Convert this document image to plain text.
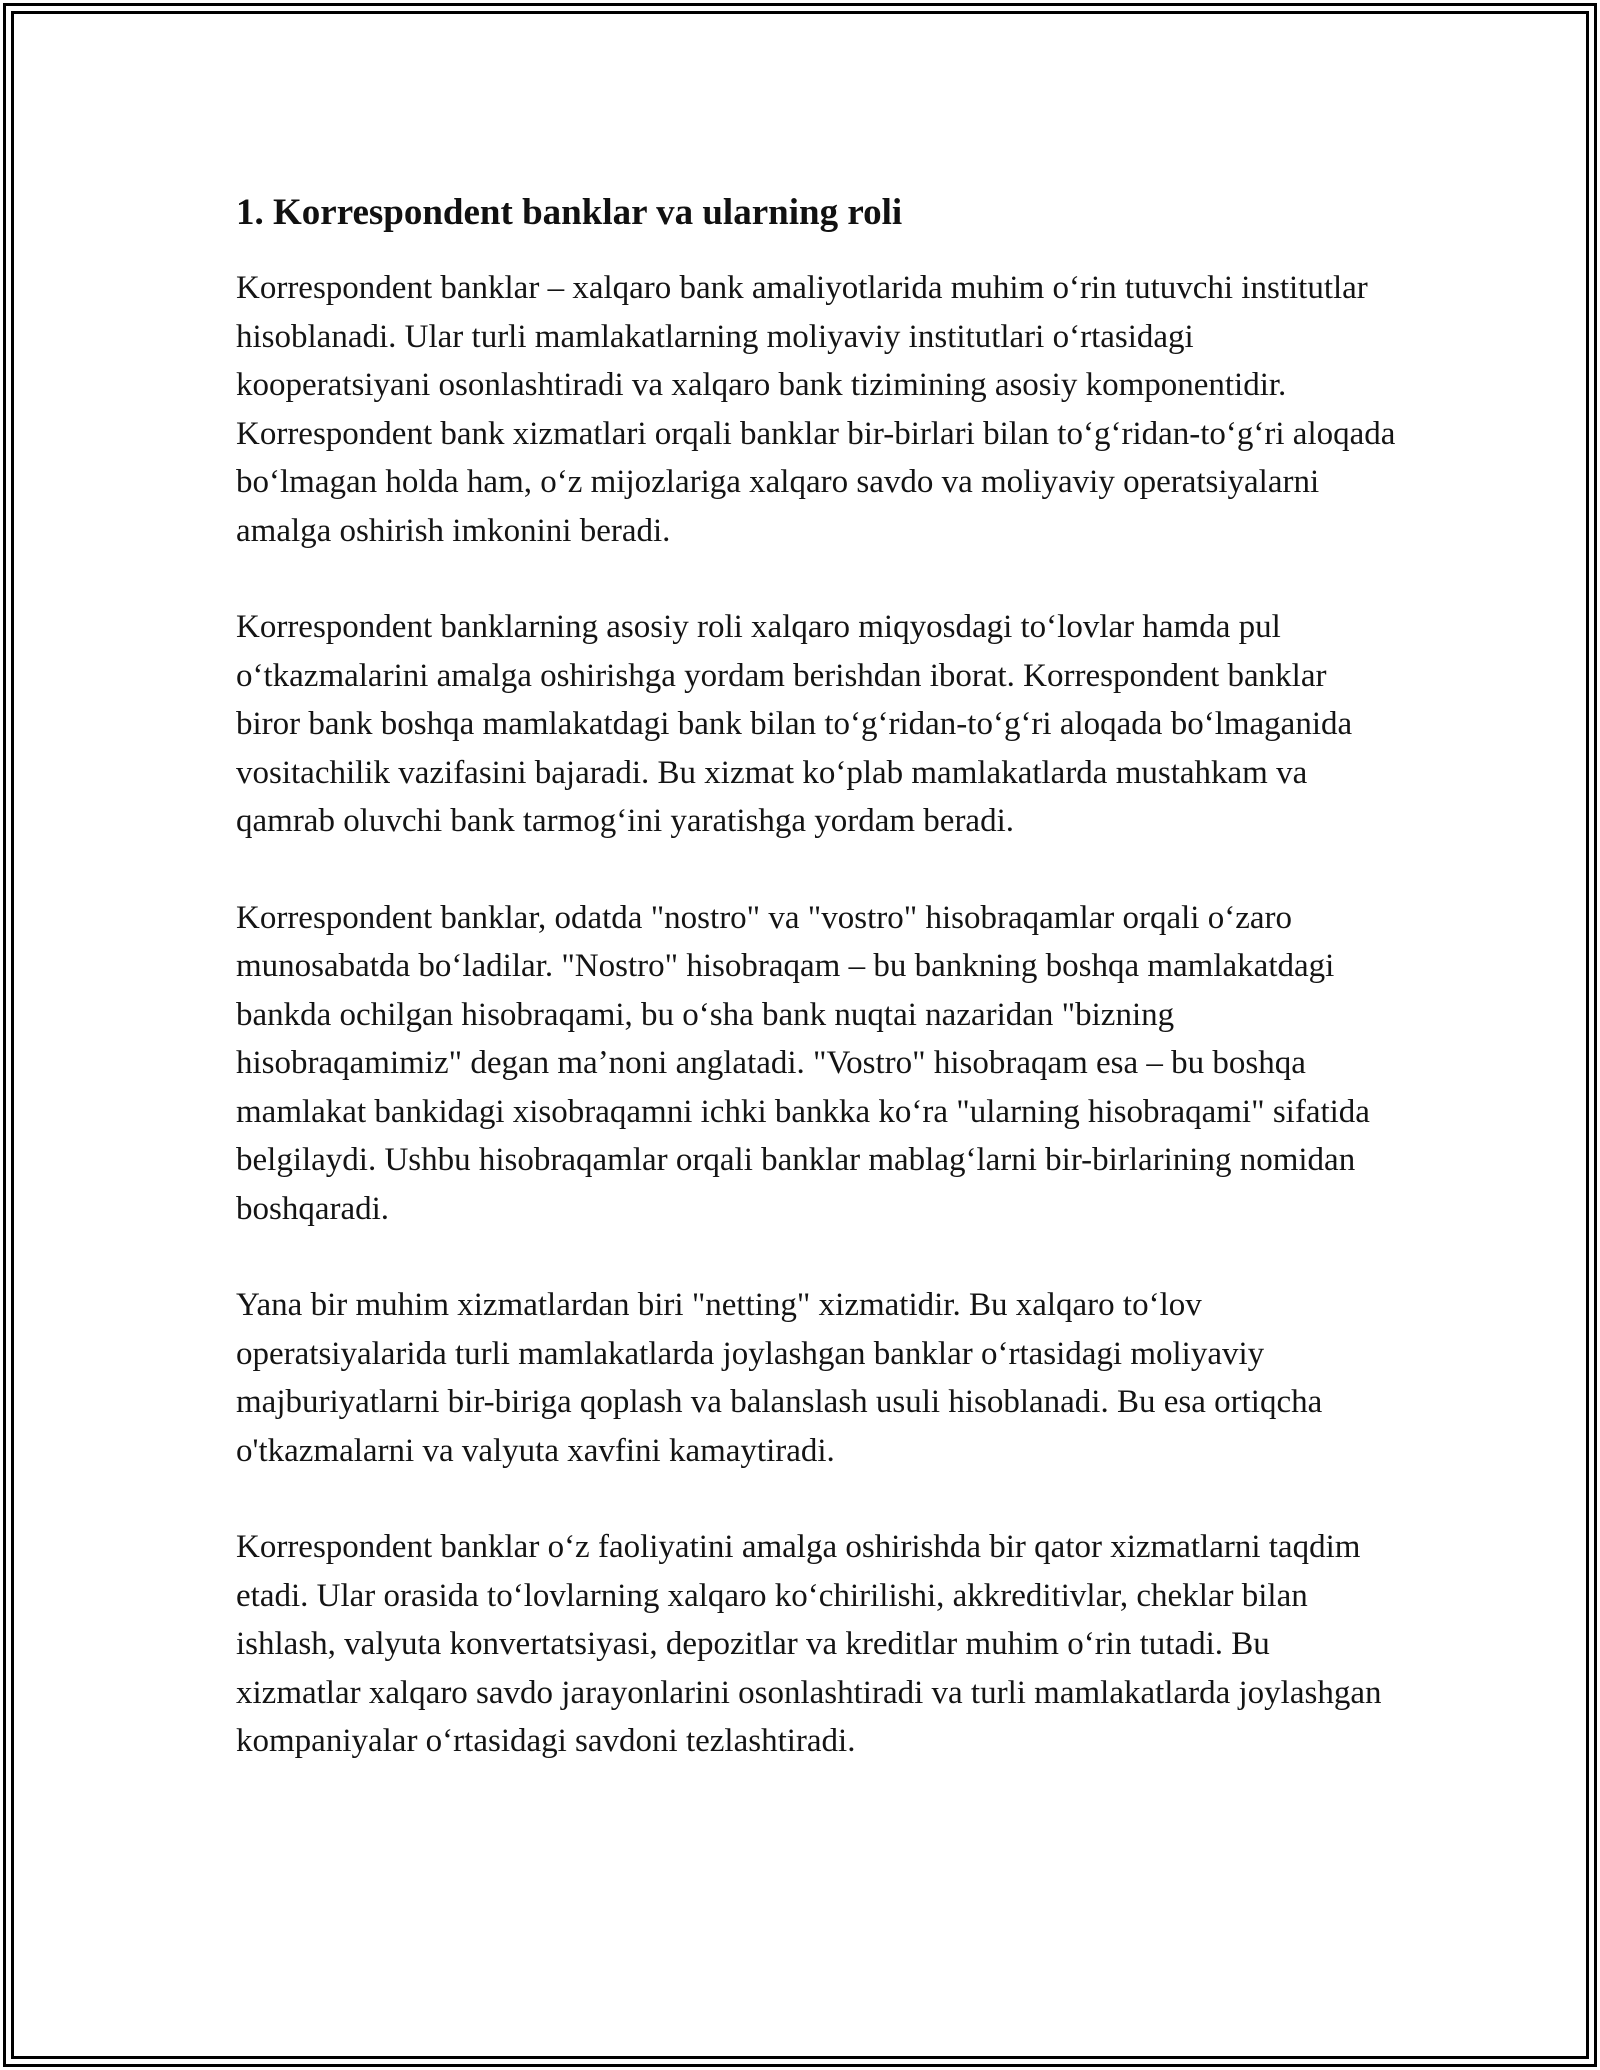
1. Korrespondent banklar va ularning roli

Korrespondent banklar – xalqaro bank amaliyotlarida muhim oʻrin tutuvchi institutlar hisoblanadi. Ular turli mamlakatlarning moliyaviy institutlari oʻrtasidagi kooperatsiyani osonlashtiradi va xalqaro bank tizimining asosiy komponentidir. Korrespondent bank xizmatlari orqali banklar bir-birlari bilan toʻgʻridan-toʻgʻri aloqada boʻlmagan holda ham, oʻz mijozlariga xalqaro savdo va moliyaviy operatsiyalarni amalga oshirish imkonini beradi.

Korrespondent banklarning asosiy roli xalqaro miqyosdagi toʻlovlar hamda pul oʻtkazmalarini amalga oshirishga yordam berishdan iborat. Korrespondent banklar biror bank boshqa mamlakatdagi bank bilan toʻgʻridan-toʻgʻri aloqada boʻlmaganida vositachilik vazifasini bajaradi. Bu xizmat koʻplab mamlakatlarda mustahkam va qamrab oluvchi bank tarmogʻini yaratishga yordam beradi.

Korrespondent banklar, odatda "nostro" va "vostro" hisobraqamlar orqali oʻzaro munosabatda boʻladilar. "Nostro" hisobraqam – bu bankning boshqa mamlakatdagi bankda ochilgan hisobraqami, bu oʻsha bank nuqtai nazaridan "bizning hisobraqamimiz" degan maʼnoni anglatadi. "Vostro" hisobraqam esa – bu boshqa mamlakat bankidagi xisobraqamni ichki bankka koʻra "ularning hisobraqami" sifatida belgilaydi. Ushbu hisobraqamlar orqali banklar mablagʻlarni bir-birlarining nomidan boshqaradi.

Yana bir muhim xizmatlardan biri "netting" xizmatidir. Bu xalqaro toʻlov operatsiyalarida turli mamlakatlarda joylashgan banklar oʻrtasidagi moliyaviy majburiyatlarni bir-biriga qoplash va balanslash usuli hisoblanadi. Bu esa ortiqcha o'tkazmalarni va valyuta xavfini kamaytiradi.

Korrespondent banklar oʻz faoliyatini amalga oshirishda bir qator xizmatlarni taqdim etadi. Ular orasida toʻlovlarning xalqaro koʻchirilishi, akkreditivlar, cheklar bilan ishlash, valyuta konvertatsiyasi, depozitlar va kreditlar muhim oʻrin tutadi. Bu xizmatlar xalqaro savdo jarayonlarini osonlashtiradi va turli mamlakatlarda joylashgan kompaniyalar oʻrtasidagi savdoni tezlashtiradi.
